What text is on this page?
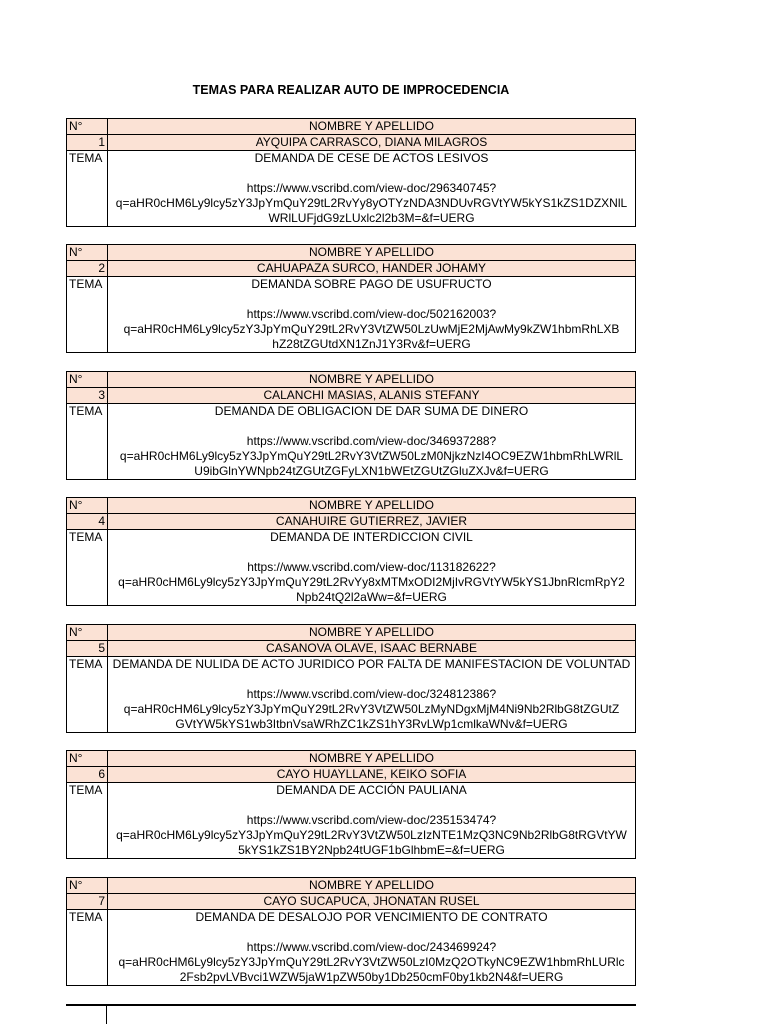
TEMAS PARA REALIZAR AUTO DE IMPROCEDENCIA
N°	NOMBRE Y APELLIDO
1	AYQUIPA CARRASCO, DIANA MILAGROS
TEMA	DEMANDA DE CESE DE ACTOS LESIVOS
https://www.vscribd.com/view-doc/296340745?
q=aHR0cHM6Ly9lcy5zY3JpYmQuY29tL2RvYy8yOTYzNDA3NDUvRGVtYW5kYS1kZS1DZXNlL
WRlLUFjdG9zLUxlc2l2b3M=&f=UERG
N°	NOMBRE Y APELLIDO
2	CAHUAPAZA SURCO, HANDER JOHAMY
TEMA	DEMANDA SOBRE PAGO DE USUFRUCTO
https://www.vscribd.com/view-doc/502162003?
q=aHR0cHM6Ly9lcy5zY3JpYmQuY29tL2RvY3VtZW50LzUwMjE2MjAwMy9kZW1hbmRhLXB
hZ28tZGUtdXN1ZnJ1Y3Rv&f=UERG
N°	NOMBRE Y APELLIDO
3	CALANCHI MASIAS, ALANIS STEFANY
TEMA	DEMANDA DE OBLIGACION DE DAR SUMA DE DINERO
https://www.vscribd.com/view-doc/346937288?
q=aHR0cHM6Ly9lcy5zY3JpYmQuY29tL2RvY3VtZW50LzM0NjkzNzI4OC9EZW1hbmRhLWRlL
U9ibGlnYWNpb24tZGUtZGFyLXN1bWEtZGUtZGluZXJv&f=UERG
N°	NOMBRE Y APELLIDO
4	CANAHUIRE GUTIERREZ, JAVIER
TEMA	DEMANDA DE INTERDICCION CIVIL
https://www.vscribd.com/view-doc/113182622?
q=aHR0cHM6Ly9lcy5zY3JpYmQuY29tL2RvYy8xMTMxODI2MjIvRGVtYW5kYS1JbnRlcmRpY2
Npb24tQ2l2aWw=&f=UERG
N°	NOMBRE Y APELLIDO
5	CASANOVA OLAVE, ISAAC BERNABE
TEMA	DEMANDA DE NULIDA DE ACTO JURIDICO POR FALTA DE MANIFESTACION DE VOLUNTAD
https://www.vscribd.com/view-doc/324812386?
q=aHR0cHM6Ly9lcy5zY3JpYmQuY29tL2RvY3VtZW50LzMyNDgxMjM4Ni9Nb2RlbG8tZGUtZ
GVtYW5kYS1wb3ItbnVsaWRhZC1kZS1hY3RvLWp1cmlkaWNv&f=UERG
N°	NOMBRE Y APELLIDO
6	CAYO HUAYLLANE, KEIKO SOFIA
TEMA	DEMANDA DE ACCIÓN PAULIANA
https://www.vscribd.com/view-doc/235153474?
q=aHR0cHM6Ly9lcy5zY3JpYmQuY29tL2RvY3VtZW50LzIzNTE1MzQ3NC9Nb2RlbG8tRGVtYW
5kYS1kZS1BY2Npb24tUGF1bGlhbmE=&f=UERG
N°	NOMBRE Y APELLIDO
7	CAYO SUCAPUCA, JHONATAN RUSEL
TEMA	DEMANDA DE DESALOJO POR VENCIMIENTO DE CONTRATO
https://www.vscribd.com/view-doc/243469924?
q=aHR0cHM6Ly9lcy5zY3JpYmQuY29tL2RvY3VtZW50LzI0MzQ2OTkyNC9EZW1hbmRhLURlc
2Fsb2pvLVBvci1WZW5jaW1pZW50by1Db250cmF0by1kb2N4&f=UERG
